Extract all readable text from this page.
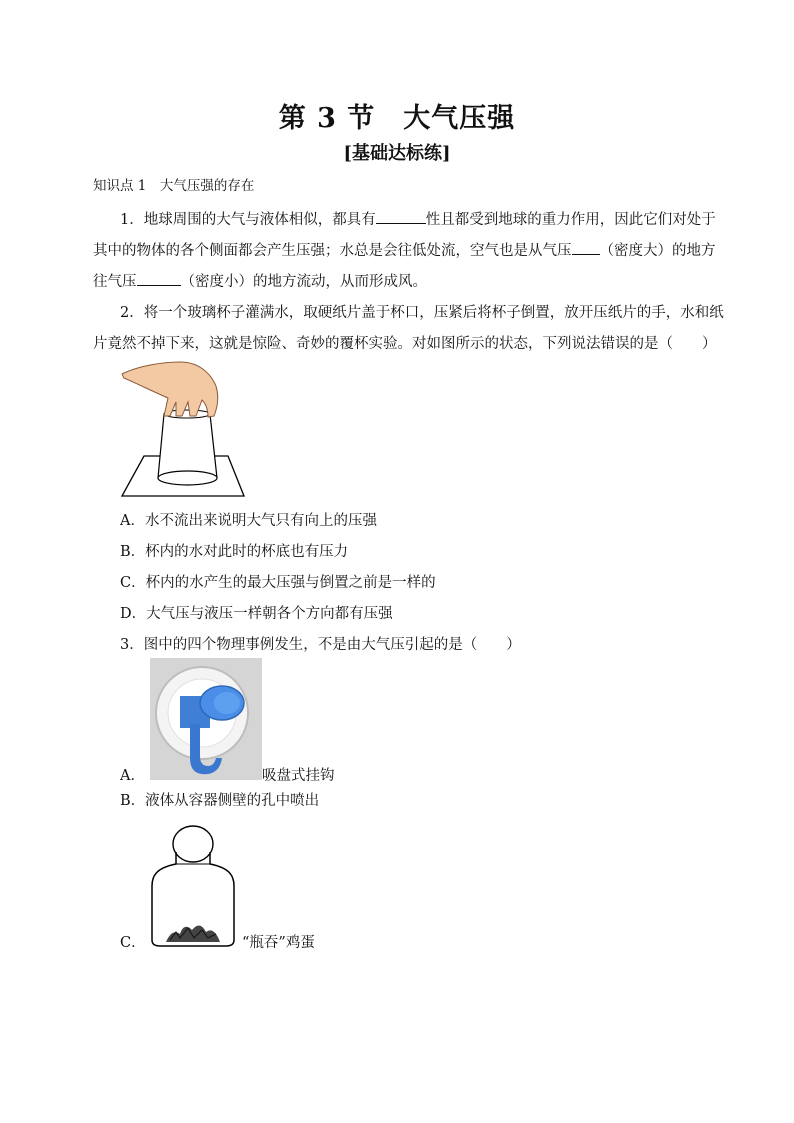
第 3 节　大气压强
[基础达标练]
知识点 1　大气压强的存在
1．地球周围的大气与液体相似，都具有	性且都受到地球的重力作用，因此它们对处于
其中的物体的各个侧面都会产生压强；水总是会往低处流，空气也是从气压 （密度大）的地方
往气压	（密度小）的地方流动，从而形成风。
2．将一个玻璃杯子灌满水，取硬纸片盖于杯口，压紧后将杯子倒置，放开压纸片的手，水和纸
片竟然不掉下来，这就是惊险、奇妙的覆杯实验。对如图所示的状态，下列说法错误的是（　　）
A．水不流出来说明大气只有向上的压强
B．杯内的水对此时的杯底也有压力
C．杯内的水产生的最大压强与倒置之前是一样的
D．大气压与液压一样朝各个方向都有压强
3．图中的四个物理事例发生，不是由大气压引起的是（　　）
A．	吸盘式挂钩
B．液体从容器侧壁的孔中喷出
C．	“瓶吞”鸡蛋
